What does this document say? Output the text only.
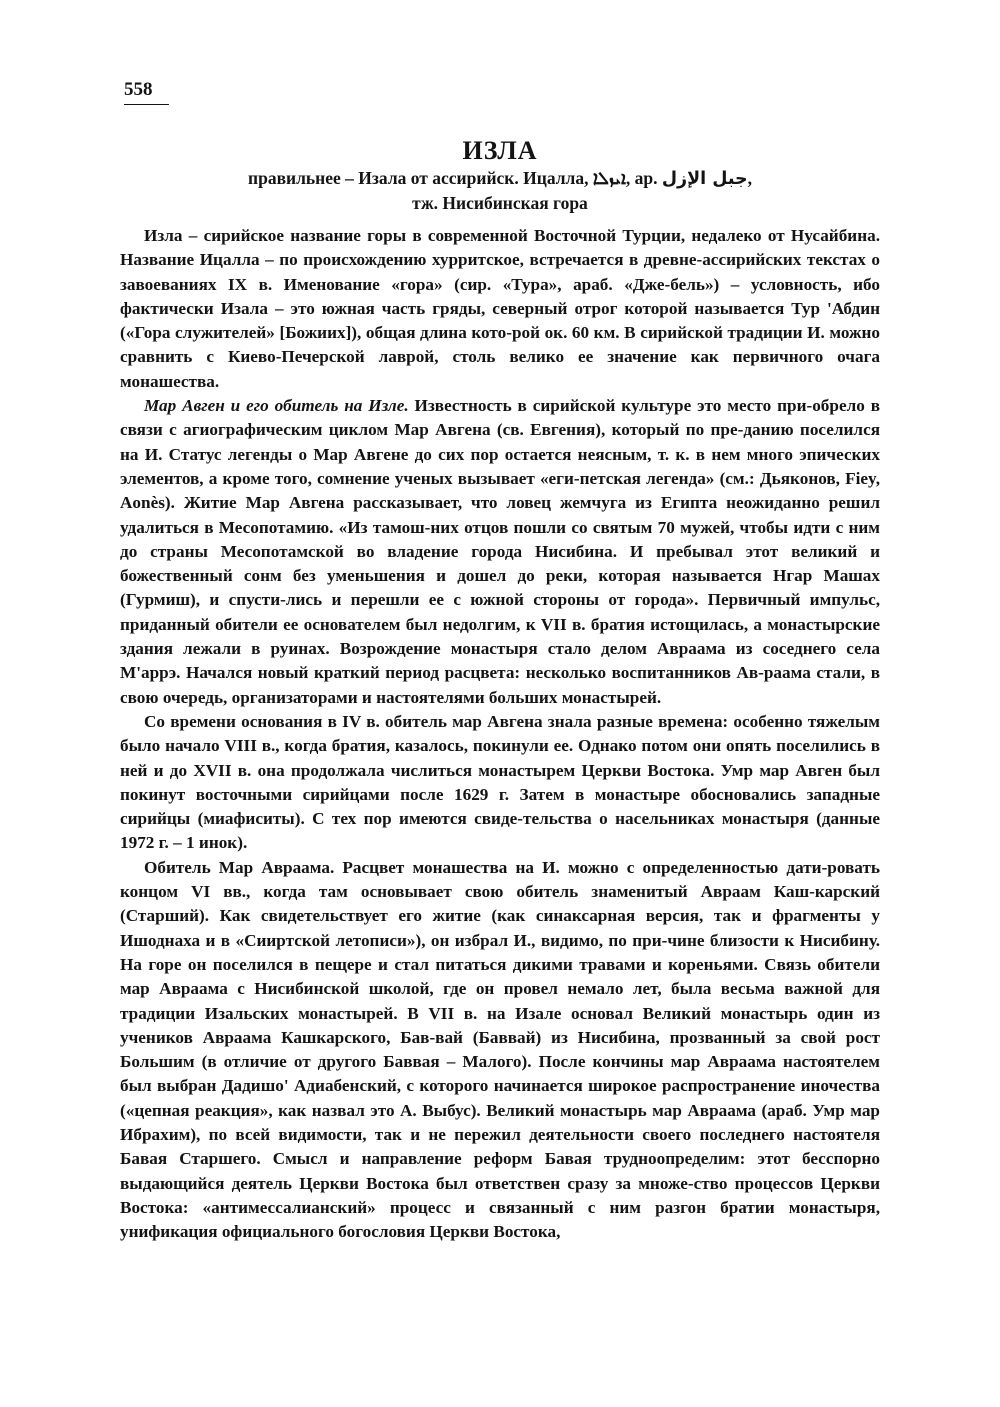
558
ИЗЛА

правильнее – Изала от ассирийск. Ицалла, ܐܝܙܠܐ, ар. جبل الإزل,

тж. Нисибинская гора

Изла – сирийское название горы в современной Восточной Турции, недалеко от Нусайбина. Название Ицалла – по происхождению хурритское, встречается в древне-ассирийских текстах о завоеваниях IX в. Именование «гора» (сир. «Тура», араб. «Дже-бель») – условность, ибо фактически Изала – это южная часть гряды, северный отрог которой называется Тур 'Абдин («Гора служителей» [Божиих]), общая длина кото-рой ок. 60 км. В сирийской традиции И. можно сравнить с Киево-Печерской лаврой, столь велико ее значение как первичного очага монашества.

Мар Авген и его обитель на Изле. Известность в сирийской культуре это место при-обрело в связи с агиографическим циклом Мар Авгена (св. Евгения), который по пре-данию поселился на И. Статус легенды о Мар Авгене до сих пор остается неясным, т. к. в нем много эпических элементов, а кроме того, сомнение ученых вызывает «еги-петская легенда» (см.: Дьяконов, Fiey, Aonès). Житие Мар Авгена рассказывает, что ловец жемчуга из Египта неожиданно решил удалиться в Месопотамию. «Из тамош-них отцов пошли со святым 70 мужей, чтобы идти с ним до страны Месопотамской во владение города Нисибина. И пребывал этот великий и божественный сонм без уменьшения и дошел до реки, которая называется Нгар Машах (Гурмиш), и спусти-лись и перешли ее с южной стороны от города». Первичный импульс, приданный обители ее основателем был недолгим, к VII в. братия истощилась, а монастырские здания лежали в руинах. Возрождение монастыря стало делом Авраама из соседнего села М'аррэ. Начался новый краткий период расцвета: несколько воспитанников Ав-раама стали, в свою очередь, организаторами и настоятелями больших монастырей.

Со времени основания в IV в. обитель мар Авгена знала разные времена: особенно тяжелым было начало VIII в., когда братия, казалось, покинули ее. Однако потом они опять поселились в ней и до XVII в. она продолжала числиться монастырем Церкви Востока. Умр мар Авген был покинут восточными сирийцами после 1629 г. Затем в монастыре обосновались западные сирийцы (миафиситы). С тех пор имеются свиде-тельства о насельниках монастыря (данные 1972 г. – 1 инок).

Обитель Мар Авраама. Расцвет монашества на И. можно с определенностью дати-ровать концом VI вв., когда там основывает свою обитель знаменитый Авраам Каш-карский (Старший). Как свидетельствует его житие (как синаксарная версия, так и фрагменты у Ишоднаха и в «Сииртской летописи»), он избрал И., видимо, по при-чине близости к Нисибину. На горе он поселился в пещере и стал питаться дикими травами и кореньями. Связь обители мар Авраама с Нисибинской школой, где он провел немало лет, была весьма важной для традиции Изальских монастырей. В VII в. на Изале основал Великий монастырь один из учеников Авраама Кашкарского, Бав-вай (Баввай) из Нисибина, прозванный за свой рост Большим (в отличие от другого Баввая – Малого). После кончины мар Авраама настоятелем был выбран Дадишо' Адиабенский, с которого начинается широкое распространение иночества («цепная реакция», как назвал это А. Выбус). Великий монастырь мар Авраама (араб. Умр мар Ибрахим), по всей видимости, так и не пережил деятельности своего последнего настоятеля Бавая Старшего. Смысл и направление реформ Бавая трудноопределим: этот бесспорно выдающийся деятель Церкви Востока был ответствен сразу за множе-ство процессов Церкви Востока: «антимессалианский» процесс и связанный с ним разгон братии монастыря, унификация официального богословия Церкви Востока,
